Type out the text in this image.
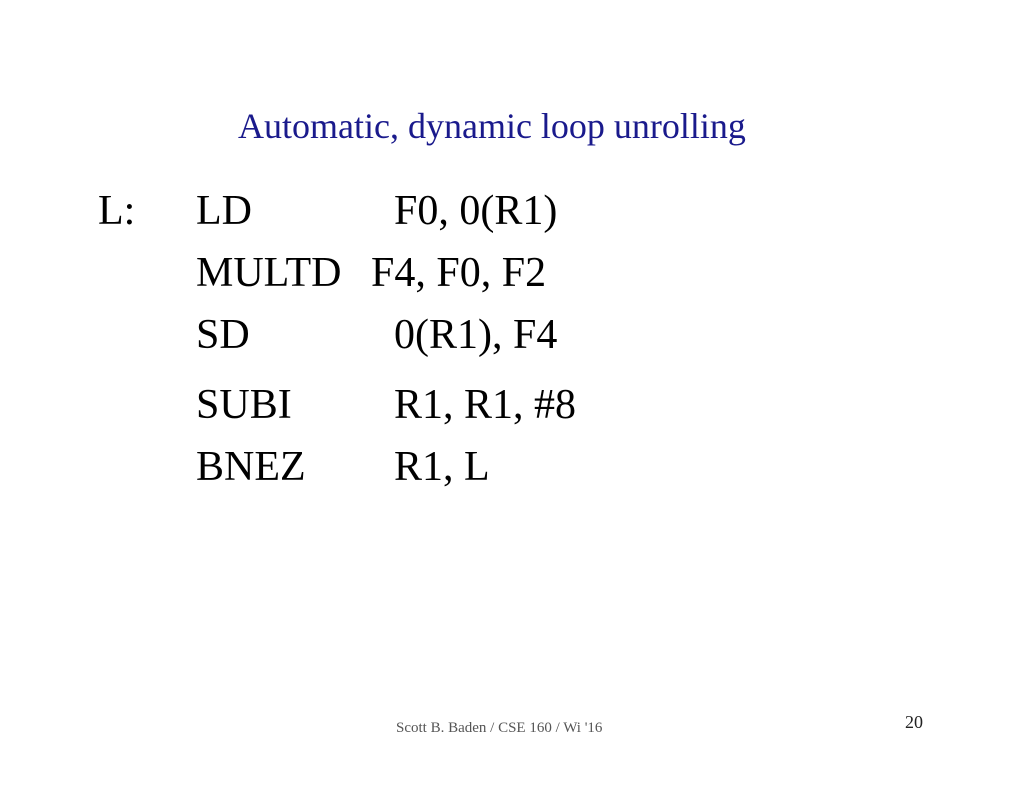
Automatic, dynamic loop unrolling
L: LD	F0, 0(R1)
MULTD F4, F0, F2
SD	0(R1), F4
SUBI R1, R1, #8
BNEZ R1, L
Scott B. Baden / CSE 160 / Wi '16	20
